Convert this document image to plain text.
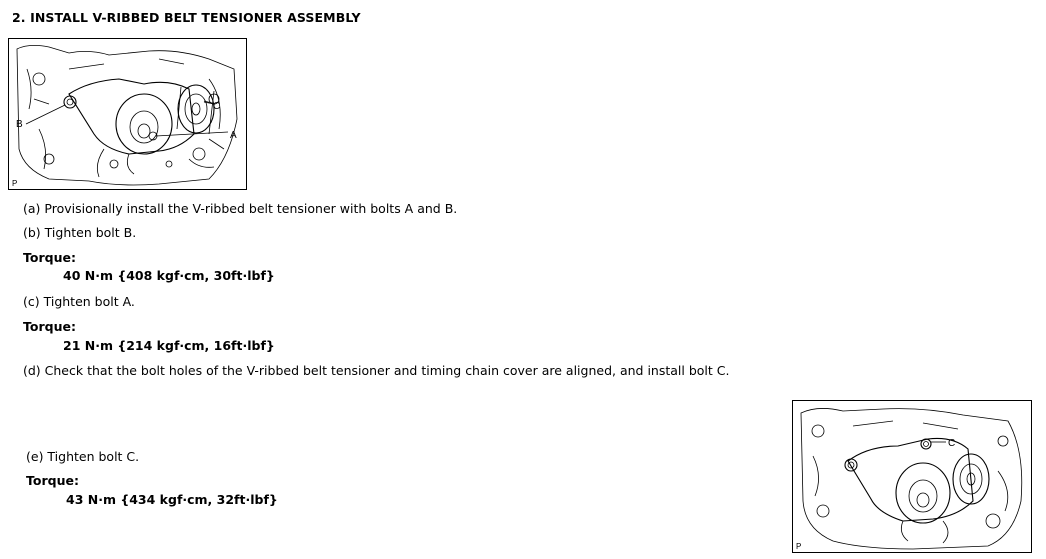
2. INSTALL V-RIBBED BELT TENSIONER ASSEMBLY
B
A
C
P
(a) Provisionally install the V-ribbed belt tensioner with bolts A and B.
(b) Tighten bolt B.
Torque:
40 N·m {408 kgf·cm, 30ft·lbf}
(c) Tighten bolt A.
Torque:
21 N·m {214 kgf·cm, 16ft·lbf}
(d) Check that the bolt holes of the V-ribbed belt tensioner and timing chain cover are aligned, and install bolt C.
(e) Tighten bolt C.
Torque:
43 N·m {434 kgf·cm, 32ft·lbf}
C
P
